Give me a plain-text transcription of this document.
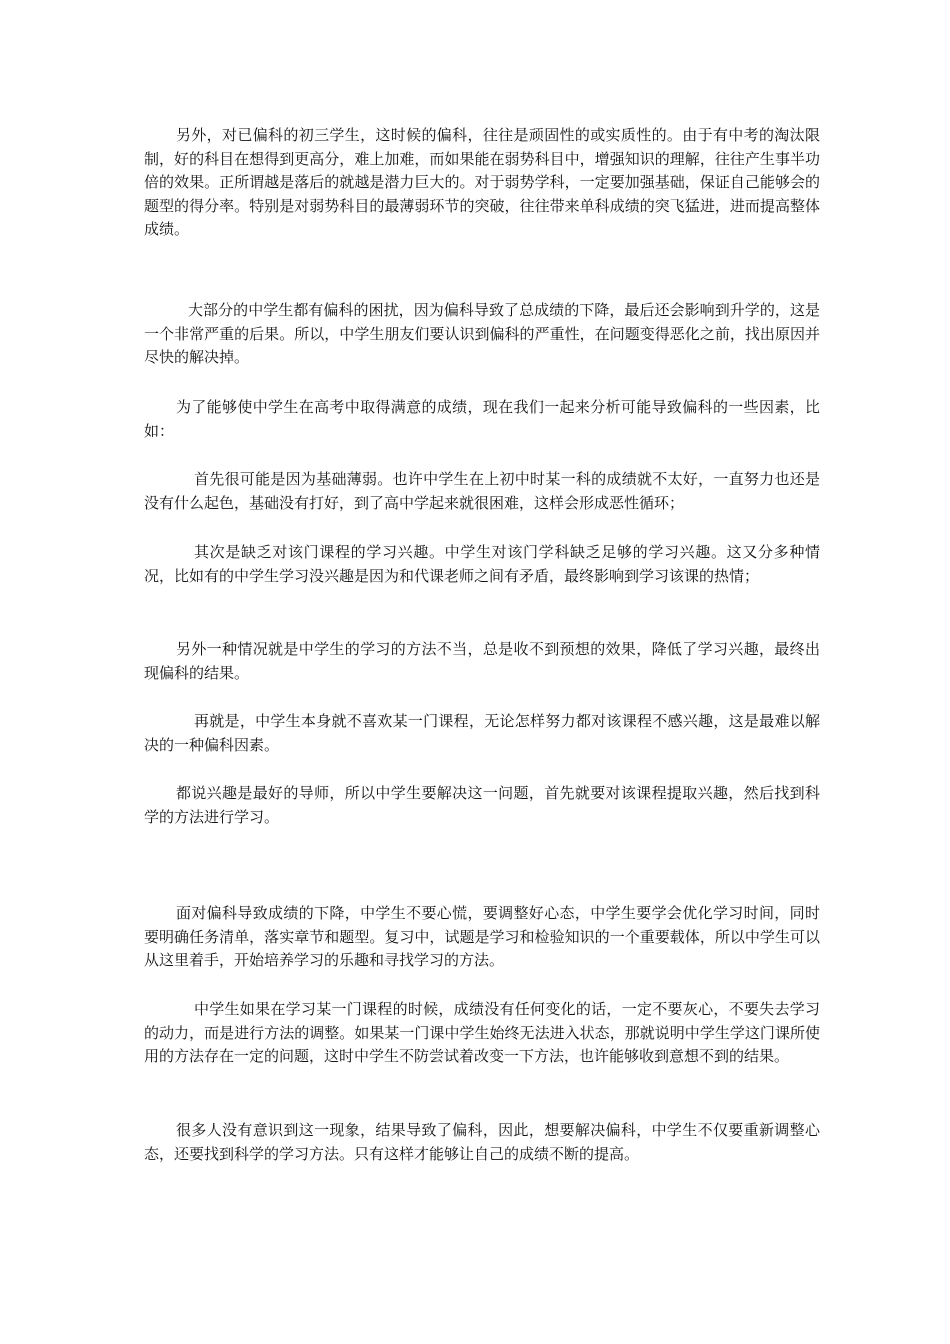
另外，对已偏科的初三学生，这时候的偏科，往往是顽固性的或实质性的。由于有中考的淘汰限制，好的科目在想得到更高分，难上加难，而如果能在弱势科目中，增强知识的理解，往往产生事半功倍的效果。正所谓越是落后的就越是潜力巨大的。对于弱势学科，一定要加强基础，保证自己能够会的题型的得分率。特别是对弱势科目的最薄弱环节的突破，往往带来单科成绩的突飞猛进，进而提高整体成绩。

大部分的中学生都有偏科的困扰，因为偏科导致了总成绩的下降，最后还会影响到升学的，这是一个非常严重的后果。所以，中学生朋友们要认识到偏科的严重性，在问题变得恶化之前，找出原因并尽快的解决掉。

为了能够使中学生在高考中取得满意的成绩，现在我们一起来分析可能导致偏科的一些因素，比如：

首先很可能是因为基础薄弱。也许中学生在上初中时某一科的成绩就不太好，一直努力也还是没有什么起色，基础没有打好，到了高中学起来就很困难，这样会形成恶性循环；

其次是缺乏对该门课程的学习兴趣。中学生对该门学科缺乏足够的学习兴趣。这又分多种情况，比如有的中学生学习没兴趣是因为和代课老师之间有矛盾，最终影响到学习该课的热情；

另外一种情况就是中学生的学习的方法不当，总是收不到预想的效果，降低了学习兴趣，最终出现偏科的结果。

再就是，中学生本身就不喜欢某一门课程，无论怎样努力都对该课程不感兴趣，这是最难以解决的一种偏科因素。

都说兴趣是最好的导师，所以中学生要解决这一问题，首先就要对该课程提取兴趣，然后找到科学的方法进行学习。

面对偏科导致成绩的下降，中学生不要心慌，要调整好心态，中学生要学会优化学习时间，同时要明确任务清单，落实章节和题型。复习中，试题是学习和检验知识的一个重要载体，所以中学生可以从这里着手，开始培养学习的乐趣和寻找学习的方法。

中学生如果在学习某一门课程的时候，成绩没有任何变化的话，一定不要灰心，不要失去学习的动力，而是进行方法的调整。如果某一门课中学生始终无法进入状态，那就说明中学生学这门课所使用的方法存在一定的问题，这时中学生不防尝试着改变一下方法，也许能够收到意想不到的结果。

很多人没有意识到这一现象，结果导致了偏科，因此，想要解决偏科，中学生不仅要重新调整心态，还要找到科学的学习方法。只有这样才能够让自己的成绩不断的提高。
